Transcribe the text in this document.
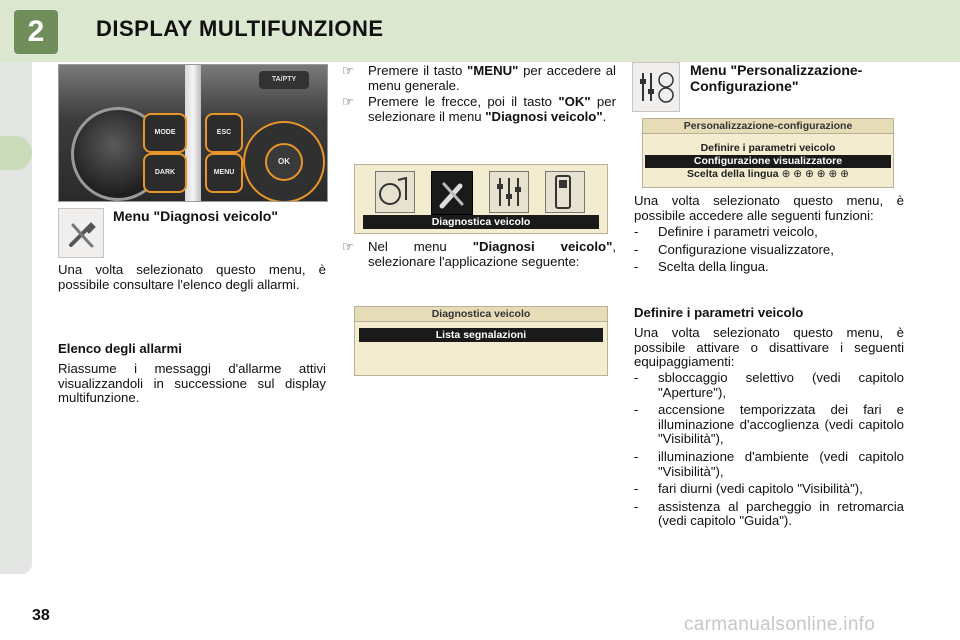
2	DISPLAY MULTIFUNZIONE
TA/PTY
MODE
DARK
ESC
MENU
OK
Menu "Diagnosi veicolo"
Una volta selezionato questo menu, è possibile consultare l'elenco degli allarmi.
Elenco degli allarmi
Riassume i messaggi d'allarme attivi visualizzandoli in successione sul display multifunzione.
☞	Premere il tasto "MENU" per accedere al menu generale.
☞	Premere le frecce, poi il tasto "OK" per selezionare il menu "Diagnosi veicolo".
Diagnostica veicolo
☞	Nel menu "Diagnosi veicolo", selezionare l'applicazione seguente:
Diagnostica veicolo
Lista segnalazioni
Menu "Personalizzazione-Configurazione"
Personalizzazione-configurazione
Definire i parametri veicolo
Configurazione visualizzatore
Scelta della lingua ⊕ ⊕ ⊕ ⊕ ⊕ ⊕
Una volta selezionato questo menu, è possibile accedere alle seguenti funzioni:
-	Definire i parametri veicolo,
-	Configurazione visualizzatore,
-	Scelta della lingua.
Definire i parametri veicolo
Una volta selezionato questo menu, è possibile attivare o disattivare i seguenti equipaggiamenti:
-	sbloccaggio selettivo (vedi capitolo "Aperture"),
-	accensione temporizzata dei fari e illuminazione d'accoglienza (vedi capitolo "Visibilità"),
-	illuminazione d'ambiente (vedi capitolo "Visibilità"),
-	fari diurni (vedi capitolo "Visibilità"),
-	assistenza al parcheggio in retromarcia (vedi capitolo "Guida").
38	carmanualsonline.info
